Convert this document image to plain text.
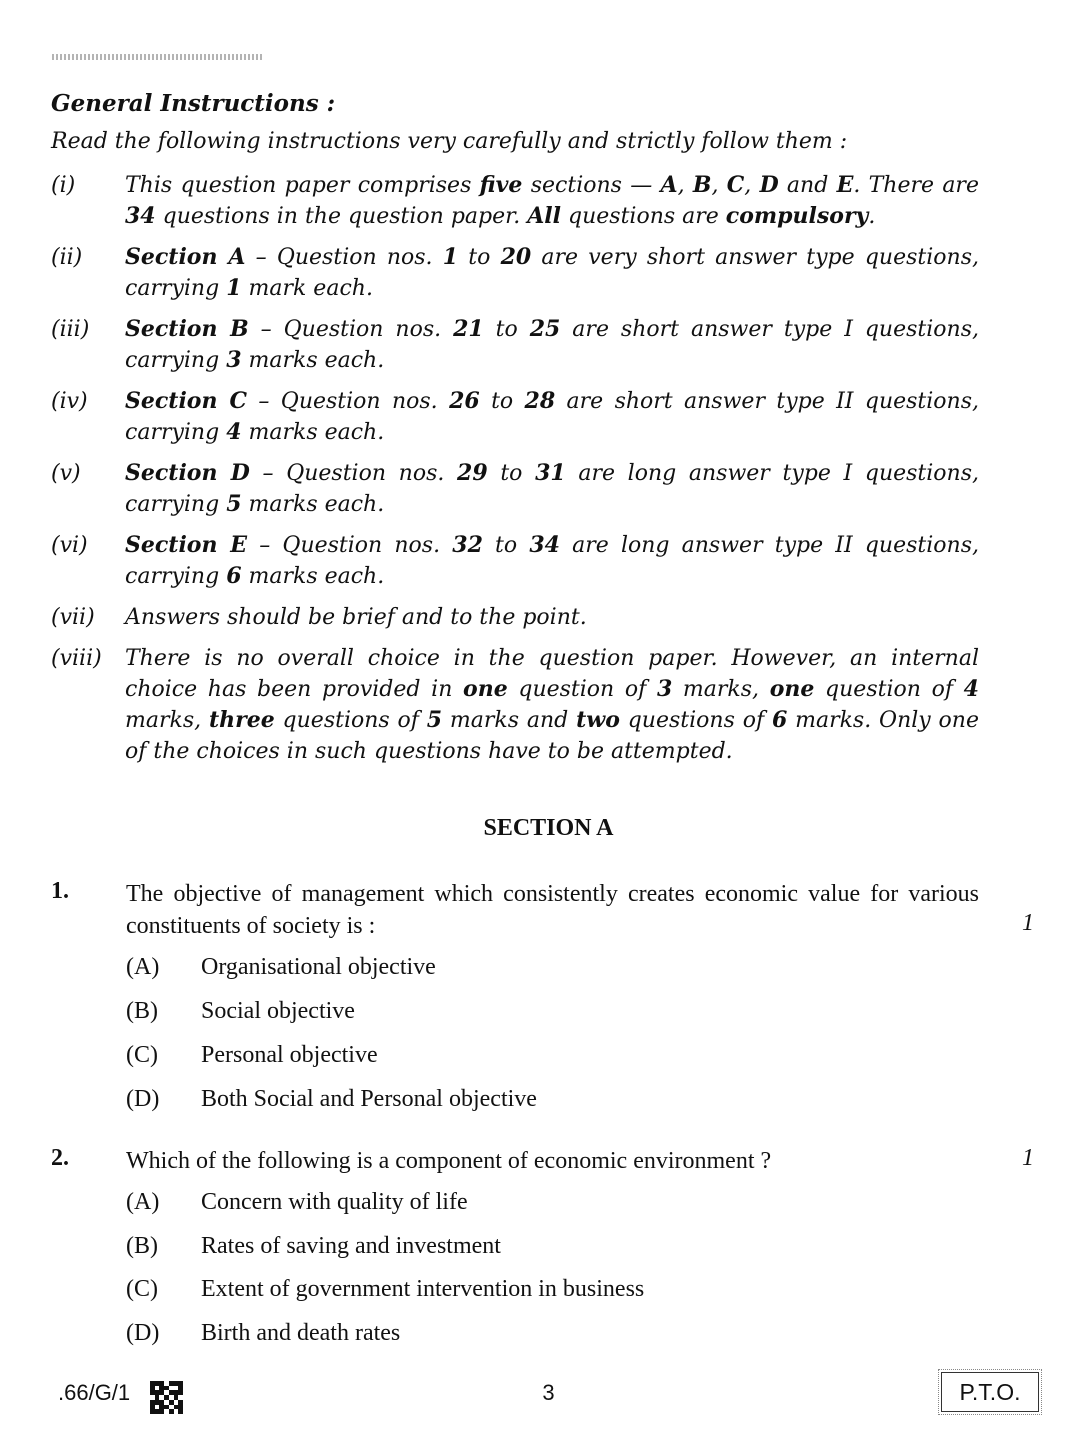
General Instructions :

Read the following instructions very carefully and strictly follow them :

(i)	This question paper comprises five sections — A, B, C, D and E. There are 34 questions in the question paper. All questions are compulsory.
(ii)	Section A – Question nos. 1 to 20 are very short answer type questions, carrying 1 mark each.
(iii)	Section B – Question nos. 21 to 25 are short answer type I questions, carrying 3 marks each.
(iv)	Section C – Question nos. 26 to 28 are short answer type II questions, carrying 4 marks each.
(v)	Section D – Question nos. 29 to 31 are long answer type I questions, carrying 5 marks each.
(vi)	Section E – Question nos. 32 to 34 are long answer type II questions, carrying 6 marks each.
(vii)	Answers should be brief and to the point.
(viii)	There is no overall choice in the question paper. However, an internal choice has been provided in one question of 3 marks, one question of 4 marks, three questions of 5 marks and two questions of 6 marks. Only one of the choices in such questions have to be attempted.
SECTION A
1. The objective of management which consistently creates economic value for various constituents of society is :	1
(A)	Organisational objective
(B)	Social objective
(C)	Personal objective
(D)	Both Social and Personal objective
2. Which of the following is a component of economic environment ?	1
(A)	Concern with quality of life
(B)	Rates of saving and investment
(C)	Extent of government intervention in business
(D)	Birth and death rates
.66/G/1	3	P.T.O.
